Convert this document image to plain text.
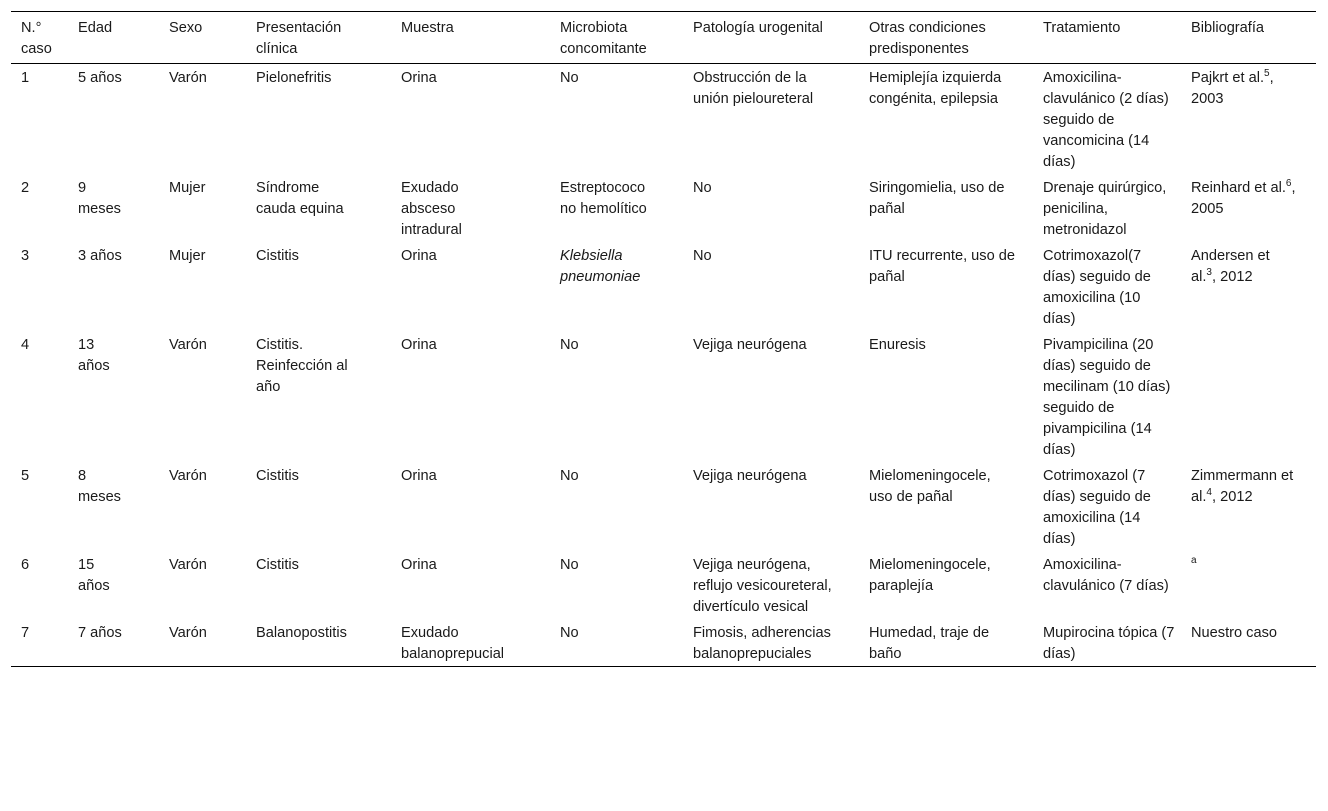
N.° caso	Edad	Sexo	Presentación clínica	Muestra	Microbiota concomitante	Patología urogenital	Otras condiciones predisponentes	Tratamiento	Bibliografía
1	5 años	Varón	Pielonefritis	Orina	No	Obstrucción de la unión pieloureteral	Hemiplejía izquierda congénita, epilepsia	Amoxicilina-clavulánico (2 días) seguido de vancomicina (14 días)	Pajkrt et al.$^5$, 2003
2	9 meses	Mujer	Síndrome cauda equina	Exudado absceso intradural	Estreptococo no hemolítico	No	Siringomielia, uso de pañal	Drenaje quirúrgico, penicilina, metronidazol	Reinhard et al.$^6$, 2005
3	3 años	Mujer	Cistitis	Orina	Klebsiella pneumoniae	No	ITU recurrente, uso de pañal	Cotrimoxazol(7 días) seguido de amoxicilina (10 días)	Andersen et al.$^3$, 2012
4	13 años	Varón	Cistitis. Reinfección al año	Orina	No	Vejiga neurógena	Enuresis	Pivampicilina (20 días) seguido de mecilinam (10 días) seguido de pivampicilina (14 días)	
5	8 meses	Varón	Cistitis	Orina	No	Vejiga neurógena	Mielomeningocele, uso de pañal	Cotrimoxazol (7 días) seguido de amoxicilina (14 días)	Zimmermann et al.$^4$, 2012
6	15 años	Varón	Cistitis	Orina	No	Vejiga neurógena, reflujo vesicoureteral, divertículo vesical	Mielomeningocele, paraplejía	Amoxicilina-clavulánico (7 días)	$^a$
7	7 años	Varón	Balanopostitis	Exudado balanoprepucial	No	Fimosis, adherencias balanoprepuciales	Humedad, traje de baño	Mupirocina tópica (7 días)	Nuestro caso
